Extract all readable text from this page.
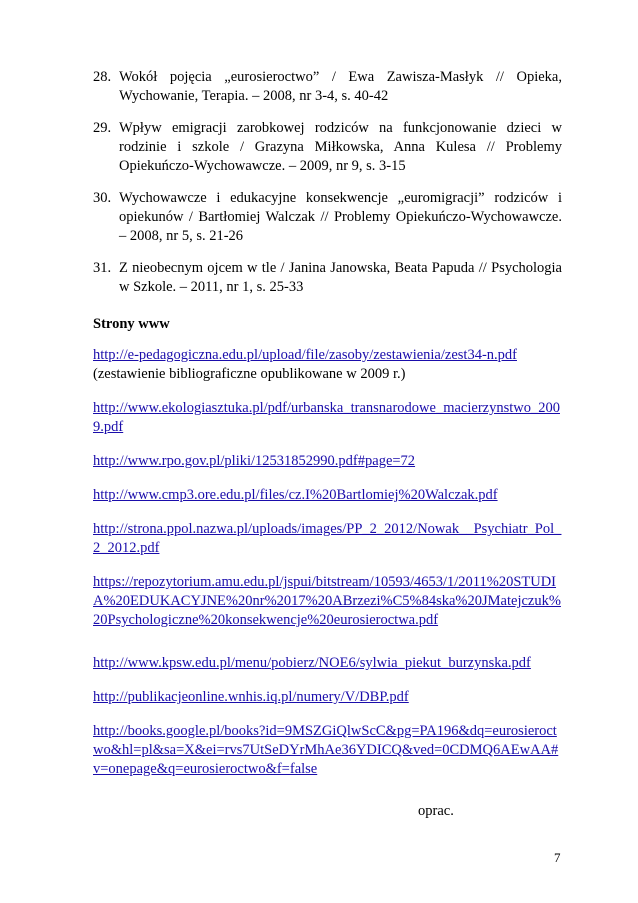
28. Wokół pojęcia „eurosieroctwo” / Ewa Zawisza-Masłyk // Opieka, Wychowanie, Terapia. – 2008, nr 3-4, s. 40-42
29. Wpływ emigracji zarobkowej rodziców na funkcjonowanie dzieci w rodzinie i szkole / Grazyna Miłkowska, Anna Kulesa // Problemy Opiekuńczo-Wychowawcze. – 2009, nr 9, s. 3-15
30. Wychowawcze i edukacyjne konsekwencje „euromigracji” rodziców i opiekunów / Bartłomiej Walczak // Problemy Opiekuńczo-Wychowawcze. – 2008, nr 5, s. 21-26
31. Z nieobecnym ojcem w tle / Janina Janowska, Beata Papuda // Psychologia w Szkole. – 2011, nr 1, s. 25-33
Strony www
http://e-pedagogiczna.edu.pl/upload/file/zasoby/zestawienia/zest34-n.pdf
(zestawienie bibliograficzne opublikowane w 2009 r.)
http://www.ekologiasztuka.pl/pdf/urbanska_transnarodowe_macierzynstwo_2009.pdf
http://www.rpo.gov.pl/pliki/12531852990.pdf#page=72
http://www.cmp3.ore.edu.pl/files/cz.I%20Bartlomiej%20Walczak.pdf
http://strona.ppol.nazwa.pl/uploads/images/PP_2_2012/Nowak__Psychiatr_Pol_2_2012.pdf
https://repozytorium.amu.edu.pl/jspui/bitstream/10593/4653/1/2011%20STUDIA%20EDUKACYJNE%20nr%2017%20ABrzezi%C5%84ska%20JMatejczuk%20Psychologiczne%20konsekwencje%20eurosieroctwa.pdf
http://www.kpsw.edu.pl/menu/pobierz/NOE6/sylwia_piekut_burzynska.pdf
http://publikacjeonline.wnhis.iq.pl/numery/V/DBP.pdf
http://books.google.pl/books?id=9MSZGiQlwScC&pg=PA196&dq=eurosieroctwo&hl=pl&sa=X&ei=rvs7UtSeDYrMhAe36YDICQ&ved=0CDMQ6AEwAA#v=onepage&q=eurosieroctwo&f=false
oprac.
7
